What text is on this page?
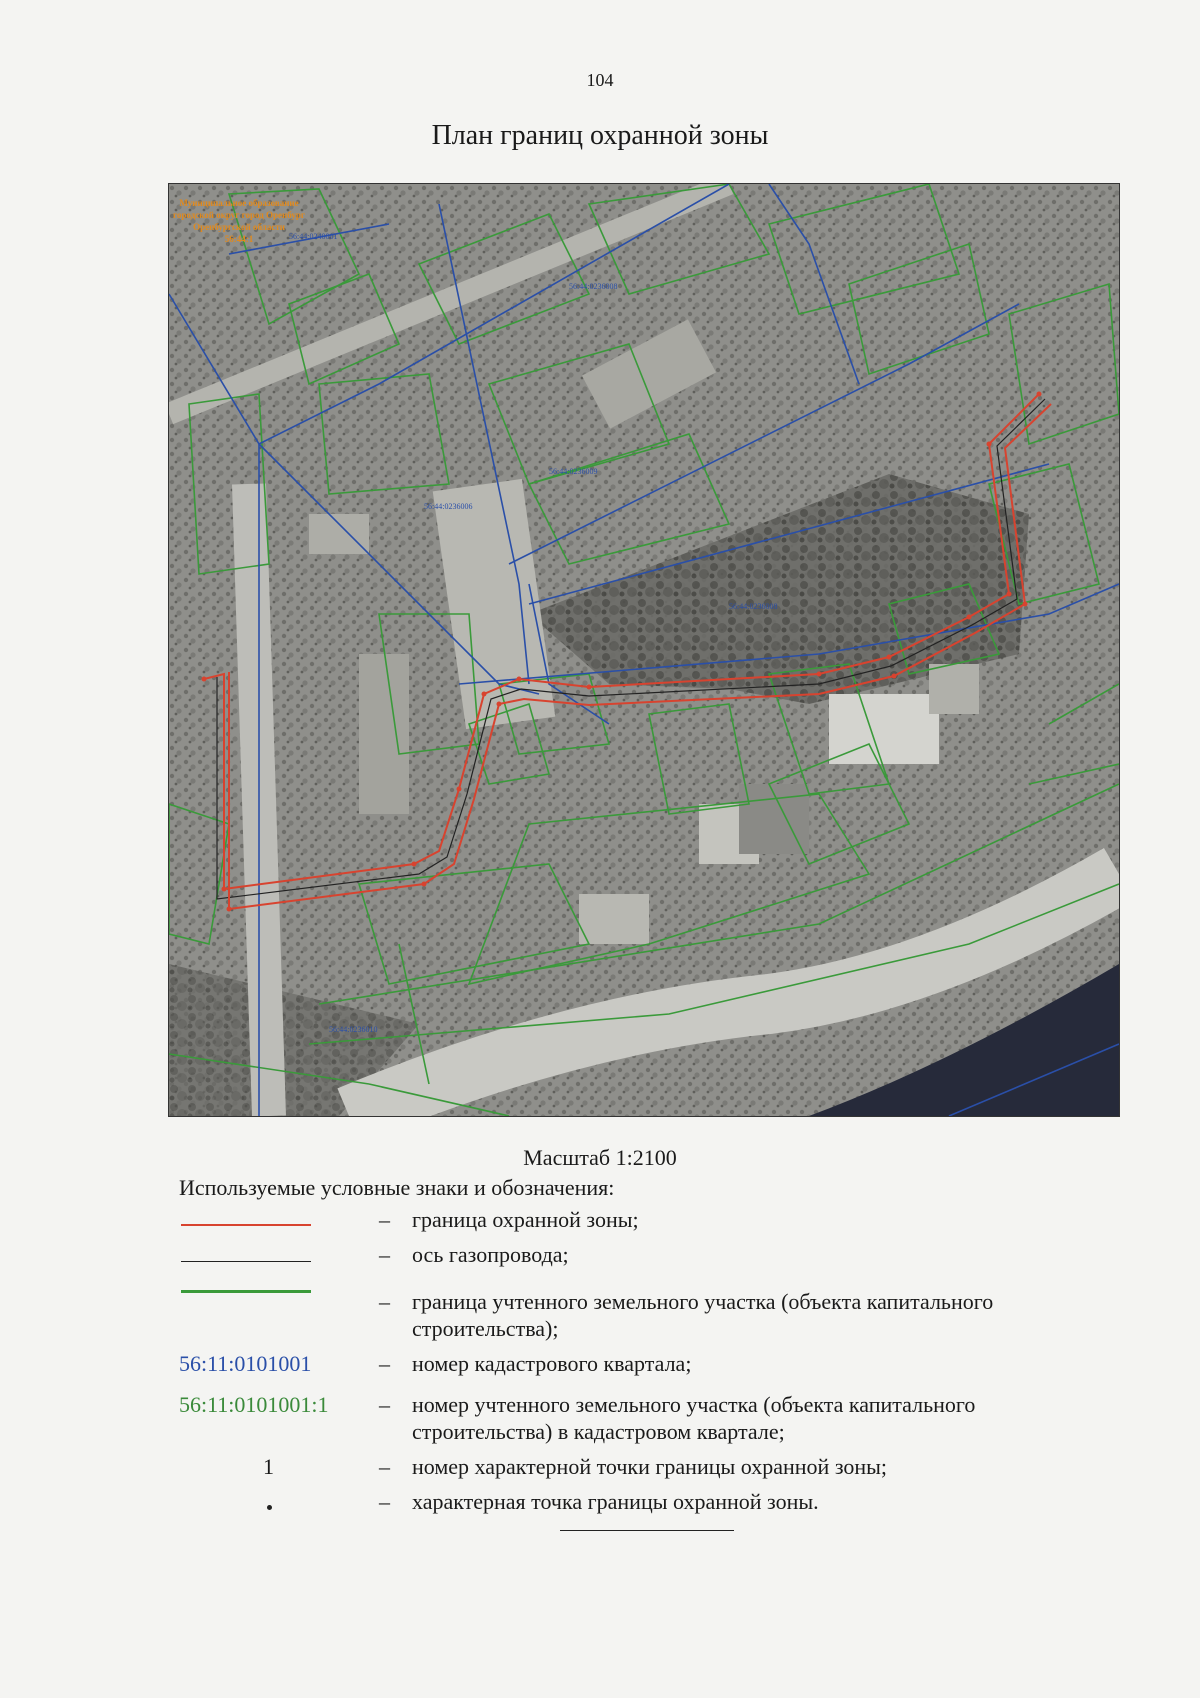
104
План границ охранной зоны
Муниципальное образование
городской округ город Оренбург
Оренбургской области
56:44:1	56:44:0240001
56:44:0236008
56:44:0236009
56:44:0236006
56:44:0236008
56:44:0236010
Масштаб 1:2100
Используемые условные знаки и обозначения:
– граница охранной зоны;
– ось газопровода;
– граница учтенного земельного участка (объекта капитального
строительства);
56:11:0101001	– номер кадастрового квартала;
56:11:0101001:1 – номер учтенного земельного участка (объекта капитального
строительства) в кадастровом квартале;
1	– номер характерной точки границы охранной зоны;
– характерная точка границы охранной зоны.
